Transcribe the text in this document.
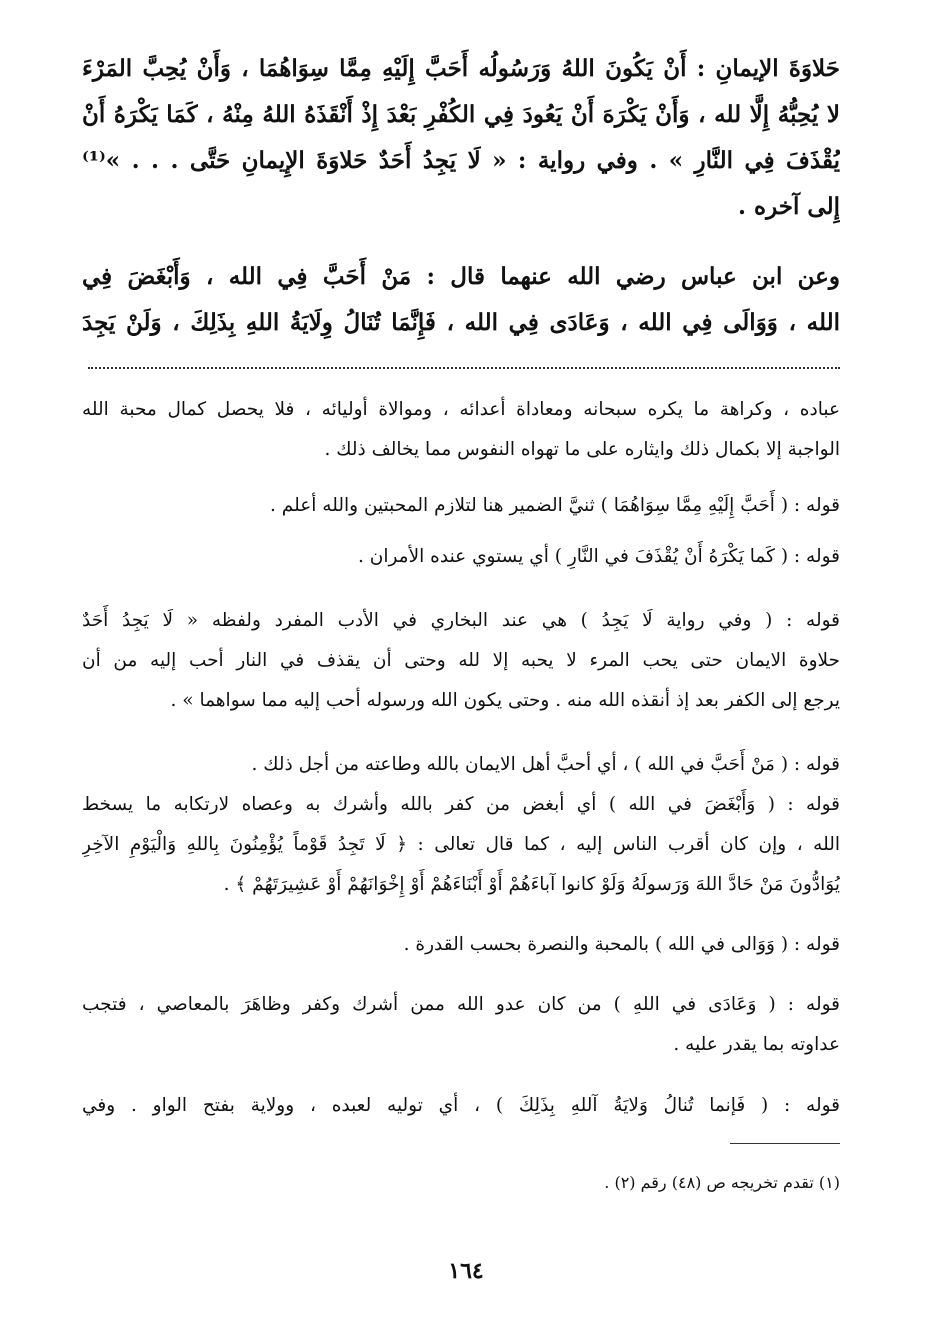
حَلاوَةَ الإيمانِ : أَنْ يَكُونَ اللهُ وَرَسُولُه أَحَبَّ إِلَيْهِ مِمَّا سِوَاهُمَا ، وَأَنْ يُحِبَّ المَرْءَ
لا يُحِبُّهُ إِلَّا لله ، وَأَنْ يَكْرَهَ أَنْ يَعُودَ فِي الكُفْرِ بَعْدَ إِذْ أَنْقَذَهُ اللهُ مِنْهُ ، كَمَا يَكْرَهُ أَنْ
يُقْذَفَ فِي النَّارِ » . وفي رواية : « لَا يَجِدُ أَحَدٌ حَلاوَةَ الإِيمانِ حَتَّى . . . »⁽¹⁾
إِلى آخره .
وعن ابن عباس رضي الله عنهما قال : مَنْ أَحَبَّ فِي الله ، وَأَبْغَضَ فِي
الله ، وَوَالَى فِي الله ، وَعَادَى فِي الله ، فَإِنَّمَا تُنَالُ وِلَايَةُ اللهِ بِذَلِكَ ، وَلَنْ يَجِدَ
عباده ، وكراهة ما يكره سبحانه ومعاداة أعدائه ، وموالاة أوليائه ، فلا يحصل كمال محبة الله
الواجبة إلا بكمال ذلك وايثاره على ما تهواه النفوس مما يخالف ذلك .
قوله : ( أَحَبَّ إِلَيْهِ مِمَّا سِوَاهُمَا ) ثنيَّ الضمير هنا لتلازم المحبتين والله أعلم .
قوله : ( كَما يَكْرَهُ أَنْ يُقْذَفَ في النَّارِ ) أي يستوي عنده الأمران .
قوله : ( وفي رواية لَا يَجِدُ ) هي عند البخاري في الأدب المفرد ولفظه « لَا يَجِدُ أَحَدٌ
حلاوة الايمان حتى يحب المرء لا يحبه إلا لله وحتى أن يقذف في النار أحب إليه من أن
يرجع إلى الكفر بعد إذ أنقذه الله منه . وحتى يكون الله ورسوله أحب إليه مما سواهما » .
قوله : ( مَنْ أَحَبَّ في الله ) ، أي أحبَّ أهل الايمان بالله وطاعته من أجل ذلك .
قوله : ( وَأَبْغَضَ في الله ) أي أبغض من كفر بالله وأشرك به وعصاه لارتكابه ما يسخط
الله ، وإن كان أقرب الناس إليه ، كما قال تعالى : ﴿ لَا تَجِدُ قَوْماً يُؤْمِنُونَ بِاللهِ وَالْيَوْمِ الآخِرِ
يُوَادُّونَ مَنْ حَادَّ اللهَ وَرَسولَهُ وَلَوْ كانوا آباءَهُمْ أَوْ أَبْنَاءَهُمْ أَوْ إِخْوَانَهُمْ أَوْ عَشِيرَتَهُمْ ﴾ .
قوله : ( وَوَالى في الله ) بالمحبة والنصرة بحسب القدرة .
قوله : ( وَعَادَى في اللهِ ) من كان عدو الله ممن أشرك وكفر وظاهَرَ بالمعاصي ، فتجب
عداوته بما يقدر عليه .
قوله : ( فَإنما تُنالُ وَلايَةُ آللهِ بِذَلِكَ ) ، أي توليه لعبده ، وولاية بفتح الواو . وفي
(١) تقدم تخريجه ص (٤٨) رقم (٢) .
١٦٤
